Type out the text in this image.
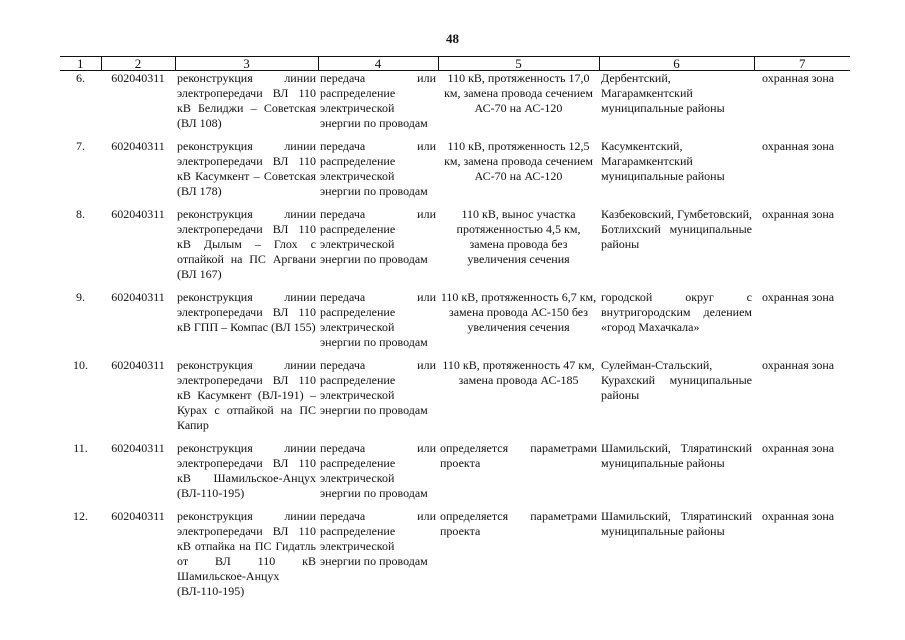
48
1	2	3	4	5	6	7
6.	602040311	реконструкция линии электропередачи ВЛ 110 кВ Белиджи – Советская (ВЛ 108)	передача или распределение электрической энергии по проводам	110 кВ, протяженность 17,0 км, замена провода сечением АС-70 на АС-120	Дербентский, Магарамкентский муниципальные районы	охранная зона

7.	602040311	реконструкция линии электропередачи ВЛ 110 кВ Касумкент – Советская (ВЛ 178)	передача или распределение электрической энергии по проводам	110 кВ, протяженность 12,5 км, замена провода сечением АС-70 на АС-120	Касумкентский, Магарамкентский муниципальные районы	охранная зона

8.	602040311	реконструкция линии электропередачи ВЛ 110 кВ Дылым – Глох с отпайкой на ПС Аргвани (ВЛ 167)	передача или распределение электрической энергии по проводам	110 кВ, вынос участка протяженностью 4,5 км, замена провода без увеличения сечения	Казбековский, Гумбетовский, Ботлихский муниципальные районы	охранная зона

9.	602040311	реконструкция линии электропередачи ВЛ 110 кВ ГПП – Компас (ВЛ 155)	передача или распределение электрической энергии по проводам	110 кВ, протяженность 6,7 км, замена провода АС-150 без увеличения сечения	городской округ с внутригородским делением «город Махачкала»	охранная зона

10.	602040311	реконструкция линии электропередачи ВЛ 110 кВ Касумкент (ВЛ-191) – Курах с отпайкой на ПС Капир	передача или распределение электрической энергии по проводам	110 кВ, протяженность 47 км, замена провода АС-185	Сулейман-Стальский, Курахский муниципальные районы	охранная зона

11.	602040311	реконструкция линии электропередачи ВЛ 110 кВ Шамильское-Анцух (ВЛ-110-195)	передача или распределение электрической энергии по проводам	определяется параметрами проекта	Шамильский, Тляратинский муниципальные районы	охранная зона

12.	602040311	реконструкция линии электропередачи ВЛ 110 кВ отпайка на ПС Гидатль от ВЛ 110 кВ Шамильское-Анцух (ВЛ-110-195)	передача или распределение электрической энергии по проводам	определяется параметрами проекта	Шамильский, Тляратинский муниципальные районы	охранная зона
